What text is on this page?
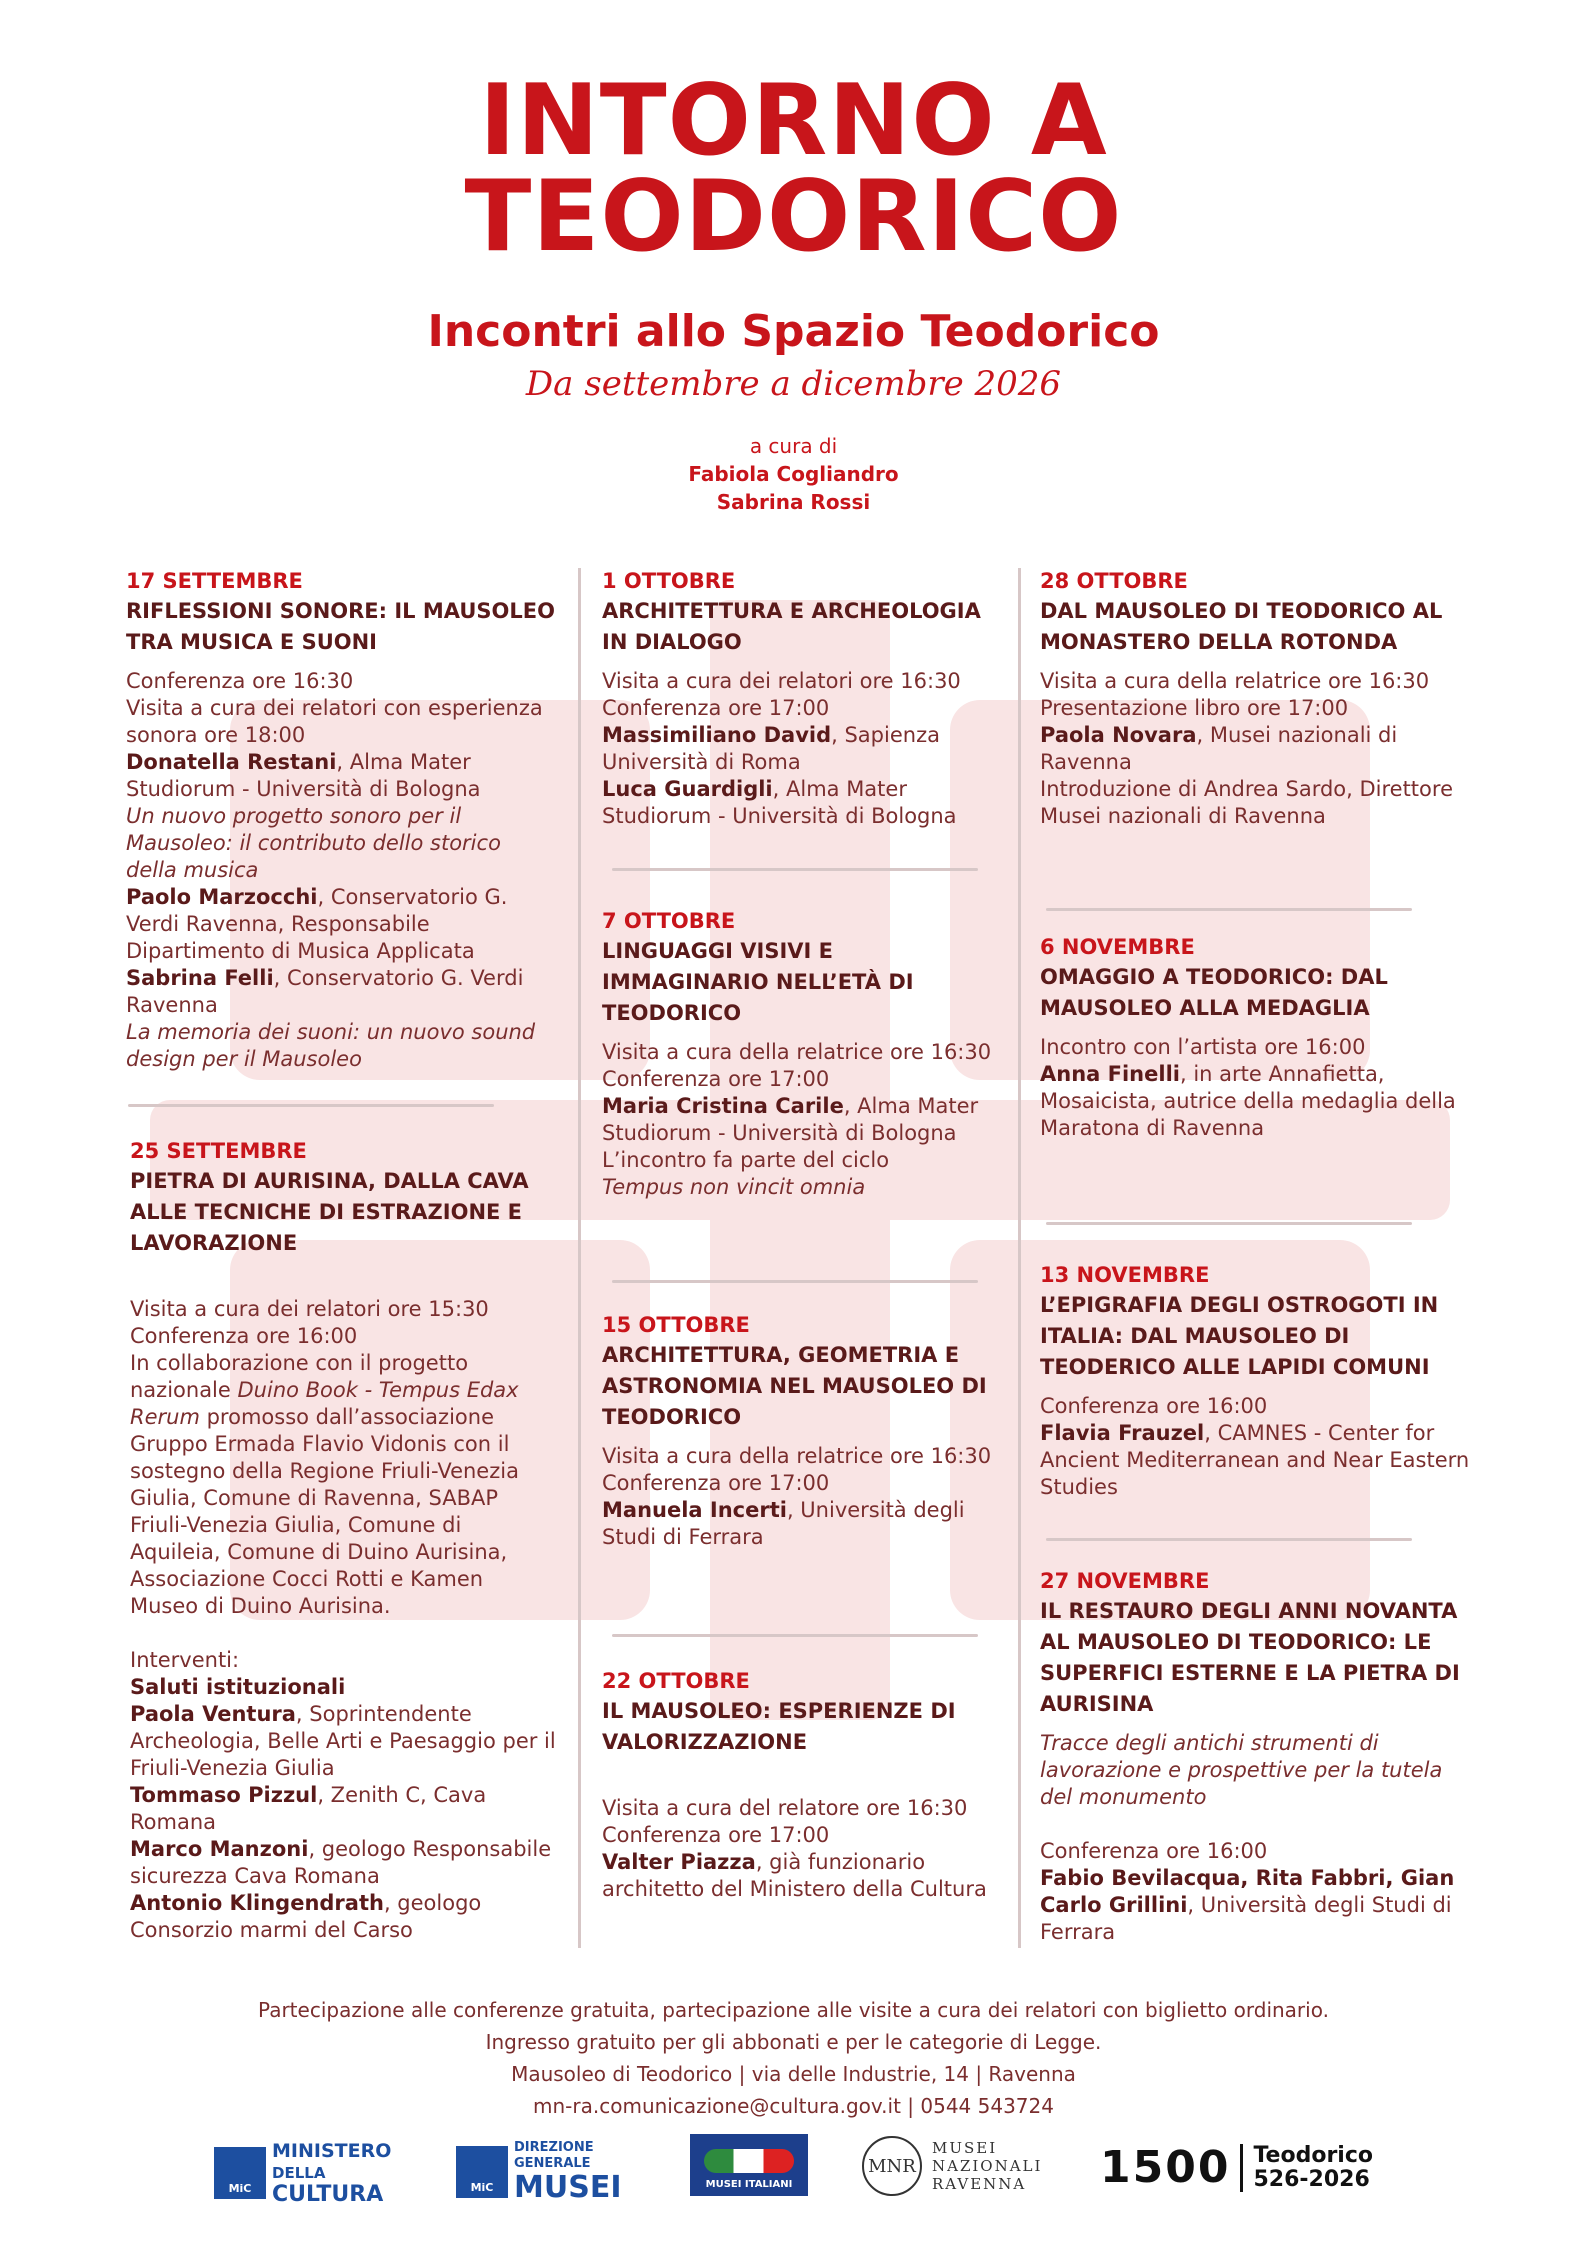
INTORNO A
TEODORICO
Incontri allo Spazio Teodorico
Da settembre a dicembre 2026
a cura di
Fabiola Cogliandro
Sabrina Rossi
17 SETTEMBRE
RIFLESSIONI SONORE: IL MAUSOLEO TRA MUSICA E SUONI

Conferenza ore 16:30

Visita a cura dei relatori con esperienza sonora ore 18:00

Donatella Restani, Alma Mater Studiorum - Università di Bologna

Un nuovo progetto sonoro per il Mausoleo: il contributo dello storico della musica

Paolo Marzocchi, Conservatorio G. Verdi Ravenna, Responsabile Dipartimento di Musica Applicata

Sabrina Felli, Conservatorio G. Verdi Ravenna

La memoria dei suoni: un nuovo sound design per il Mausoleo

25 SETTEMBRE
PIETRA DI AURISINA, DALLA CAVA ALLE TECNICHE DI ESTRAZIONE E LAVORAZIONE

Visita a cura dei relatori ore 15:30

Conferenza ore 16:00

In collaborazione con il progetto nazionale Duino Book - Tempus Edax Rerum promosso dall’associazione Gruppo Ermada Flavio Vidonis con il sostegno della Regione Friuli-Venezia Giulia, Comune di Ravenna, SABAP Friuli-Venezia Giulia, Comune di Aquileia, Comune di Duino Aurisina, Associazione Cocci Rotti e Kamen Museo di Duino Aurisina.

Interventi:

Saluti istituzionali

Paola Ventura, Soprintendente Archeologia, Belle Arti e Paesaggio per il Friuli-Venezia Giulia

Tommaso Pizzul, Zenith C, Cava Romana

Marco Manzoni, geologo Responsabile sicurezza Cava Romana

Antonio Klingendrath, geologo Consorzio marmi del Carso

1 OTTOBRE
ARCHITETTURA E ARCHEOLOGIA IN DIALOGO

Visita a cura dei relatori ore 16:30

Conferenza ore 17:00

Massimiliano David, Sapienza Università di Roma

Luca Guardigli, Alma Mater Studiorum - Università di Bologna

7 OTTOBRE
LINGUAGGI VISIVI E IMMAGINARIO NELL’ETÀ DI TEODORICO

Visita a cura della relatrice ore 16:30

Conferenza ore 17:00

Maria Cristina Carile, Alma Mater Studiorum - Università di Bologna

L’incontro fa parte del ciclo

Tempus non vincit omnia

15 OTTOBRE
ARCHITETTURA, GEOMETRIA E ASTRONOMIA NEL MAUSOLEO DI TEODORICO

Visita a cura della relatrice ore 16:30

Conferenza ore 17:00

Manuela Incerti, Università degli Studi di Ferrara

22 OTTOBRE
IL MAUSOLEO: ESPERIENZE DI VALORIZZAZIONE

Visita a cura del relatore ore 16:30

Conferenza ore 17:00

Valter Piazza, già funzionario architetto del Ministero della Cultura

28 OTTOBRE
DAL MAUSOLEO DI TEODORICO AL MONASTERO DELLA ROTONDA

Visita a cura della relatrice ore 16:30

Presentazione libro ore 17:00

Paola Novara, Musei nazionali di Ravenna

Introduzione di Andrea Sardo, Direttore Musei nazionali di Ravenna

6 NOVEMBRE
OMAGGIO A TEODORICO: DAL MAUSOLEO ALLA MEDAGLIA

Incontro con l’artista ore 16:00

Anna Finelli, in arte Annafietta, Mosaicista, autrice della medaglia della Maratona di Ravenna

13 NOVEMBRE
L’EPIGRAFIA DEGLI OSTROGOTI IN ITALIA: DAL MAUSOLEO DI TEODERICO ALLE LAPIDI COMUNI

Conferenza ore 16:00

Flavia Frauzel, CAMNES - Center for Ancient Mediterranean and Near Eastern Studies

27 NOVEMBRE
IL RESTAURO DEGLI ANNI NOVANTA AL MAUSOLEO DI TEODORICO: LE SUPERFICI ESTERNE E LA PIETRA DI AURISINA

Tracce degli antichi strumenti di lavorazione e prospettive per la tutela del monumento

Conferenza ore 16:00

Fabio Bevilacqua, Rita Fabbri, Gian Carlo Grillini, Università degli Studi di Ferrara

Partecipazione alle conferenze gratuita, partecipazione alle visite a cura dei relatori con biglietto ordinario.

Ingresso gratuito per gli abbonati e per le categorie di Legge.

Mausoleo di Teodorico | via delle Industrie, 14 | Ravenna

mn-ra.comunicazione@cultura.gov.it | 0544 543724

MiC
MINISTERO
DELLA
CULTURA	MiC
DIREZIONE
GENERALE
MUSEI	MUSEI ITALIANI
MNR
MUSEI
NAZIONALI
RAVENNA	1500 Teodorico
526-2026
